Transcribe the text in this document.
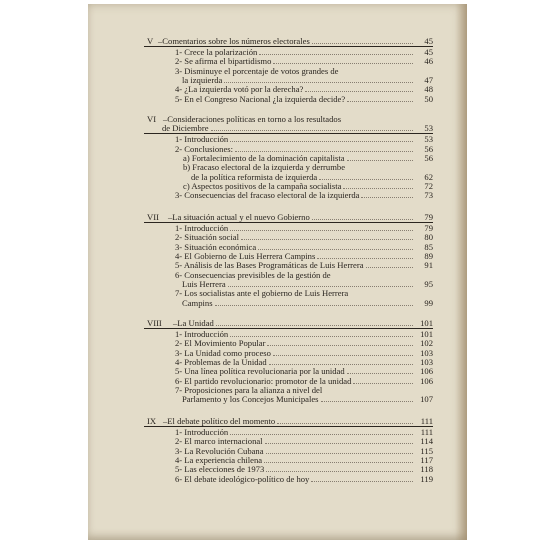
V –Comentarios sobre los números electorales	45
1- Crece la polarización	45
2- Se afirma el bipartidismo	46
3- Disminuye el porcentaje de votos grandes de
la izquierda	47
4- ¿La izquierda votó por la derecha?	48
5- En el Congreso Nacional ¿la izquierda decide?	50
VI –Consideraciones políticas en torno a los resultados
de Diciembre	53
1- Introducción	53
2- Conclusiones:	56
a) Fortalecimiento de la dominación capitalista	56
b) Fracaso electoral de la izquierda y derrumbe
de la política reformista de izquierda	62
c) Aspectos positivos de la campaña socialista	72
3- Consecuencias del fracaso electoral de la izquierda	73
VII –La situación actual y el nuevo Gobierno	79
1- Introducción	79
2- Situación social	80
3- Situación económica	85
4- El Gobierno de Luis Herrera Campins	89
5- Análisis de las Bases Programáticas de Luis Herrera	91
6- Consecuencias previsibles de la gestión de
Luis Herrera	95
7- Los socialistas ante el gobierno de Luis Herrera
Campins	99
VIII –La Unidad	101
1- Introducción	101
2- El Movimiento Popular	102
3- La Unidad como proceso	103
4- Problemas de la Unidad	103
5- Una línea política revolucionaria por la unidad	106
6- El partido revolucionario: promotor de la unidad	106
7- Proposiciones para la alianza a nivel del
Parlamento y los Concejos Municipales	107
IX –El debate político del momento	111
1- Introducción	111
2- El marco internacional	114
3- La Revolución Cubana	115
4- La experiencia chilena	117
5- Las elecciones de 1973	118
6- El debate ideológico-político de hoy	119
